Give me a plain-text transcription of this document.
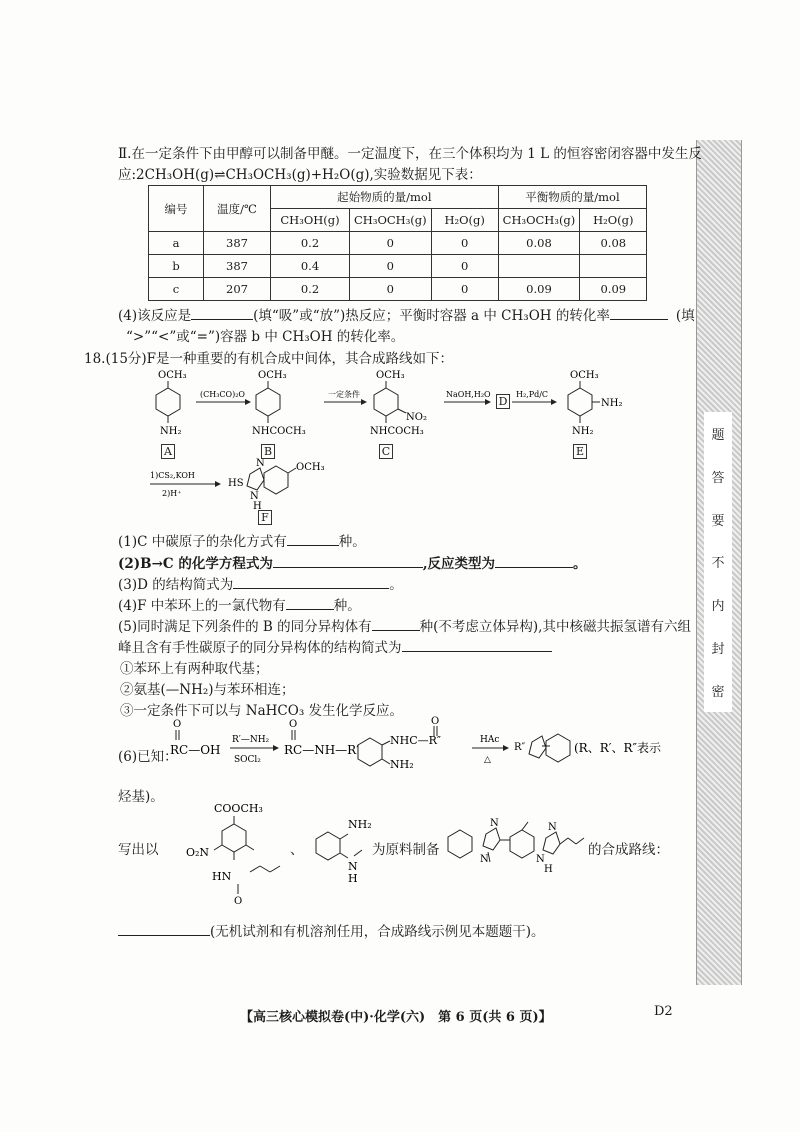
题
答
要
不
内
封
密
Ⅱ.在一定条件下由甲醇可以制备甲醚。一定温度下，在三个体积均为 1 L 的恒容密闭容器中发生反
应:2CH₃OH(g)⇌CH₃OCH₃(g)+H₂O(g),实验数据见下表：
编号	温度/℃	起始物质的量/mol			平衡物质的量/mol	
		CH₃OH(g)	CH₃OCH₃(g)	H₂O(g)	CH₃OCH₃(g)	H₂O(g)
a	387	0.2	0	0	0.08	0.08
b	387	0.4	0	0		
c	207	0.2	0	0	0.09	0.09
(4)该反应是	(填“吸”或“放”)热反应；平衡时容器 a 中 CH₃OH 的转化率	(填
“>”“<”或“=”)容器 b 中 CH₃OH 的转化率。
18.(15分)F是一种重要的有机合成中间体，其合成路线如下：
OCH₃
NH₂
(CH₃CO)₂O
OCH₃
NHCOCH₃
一定条件
OCH₃
NO₂
NHCOCH₃
NaOH,H₂O	H₂,Pd/C
OCH₃
NH₂
NH₂
1)CS₂,KOH
2)H⁺
HS
N
N
OCH₃
H
A	B	C
D
E
F
(1)C 中碳原子的杂化方式有	种。
(2)B→C 的化学方程式为	,反应类型为	。
(3)D 的结构简式为	。
(4)F 中苯环上的一氯代物有	种。
(5)同时满足下列条件的 B 的同分异构体有	种(不考虑立体异构),其中核磁共振氢谱有六组
峰且含有手性碳原子的同分异构体的结构简式为
①苯环上有两种取代基；
②氨基(—NH₂)与苯环相连；
③一定条件下可以与 NaHCO₃ 发生化学反应。
(6)已知：
O
RC—OH
R′—NH₂
SOCl₂
O
RC—NH—R′
NHC—R″
NH₂
O
HAc
△
R″	(R、R′、R″表示
烃基)。
COOCH₃
O₂N
HN
O
NH₂
N
H
N
N
N
N
H
写出以	、	为原料制备	的合成路线：
(无机试剂和有机溶剂任用，合成路线示例见本题题干)。
【高三核心模拟卷(中)·化学(六)　第 6 页(共 6 页)】	D2
